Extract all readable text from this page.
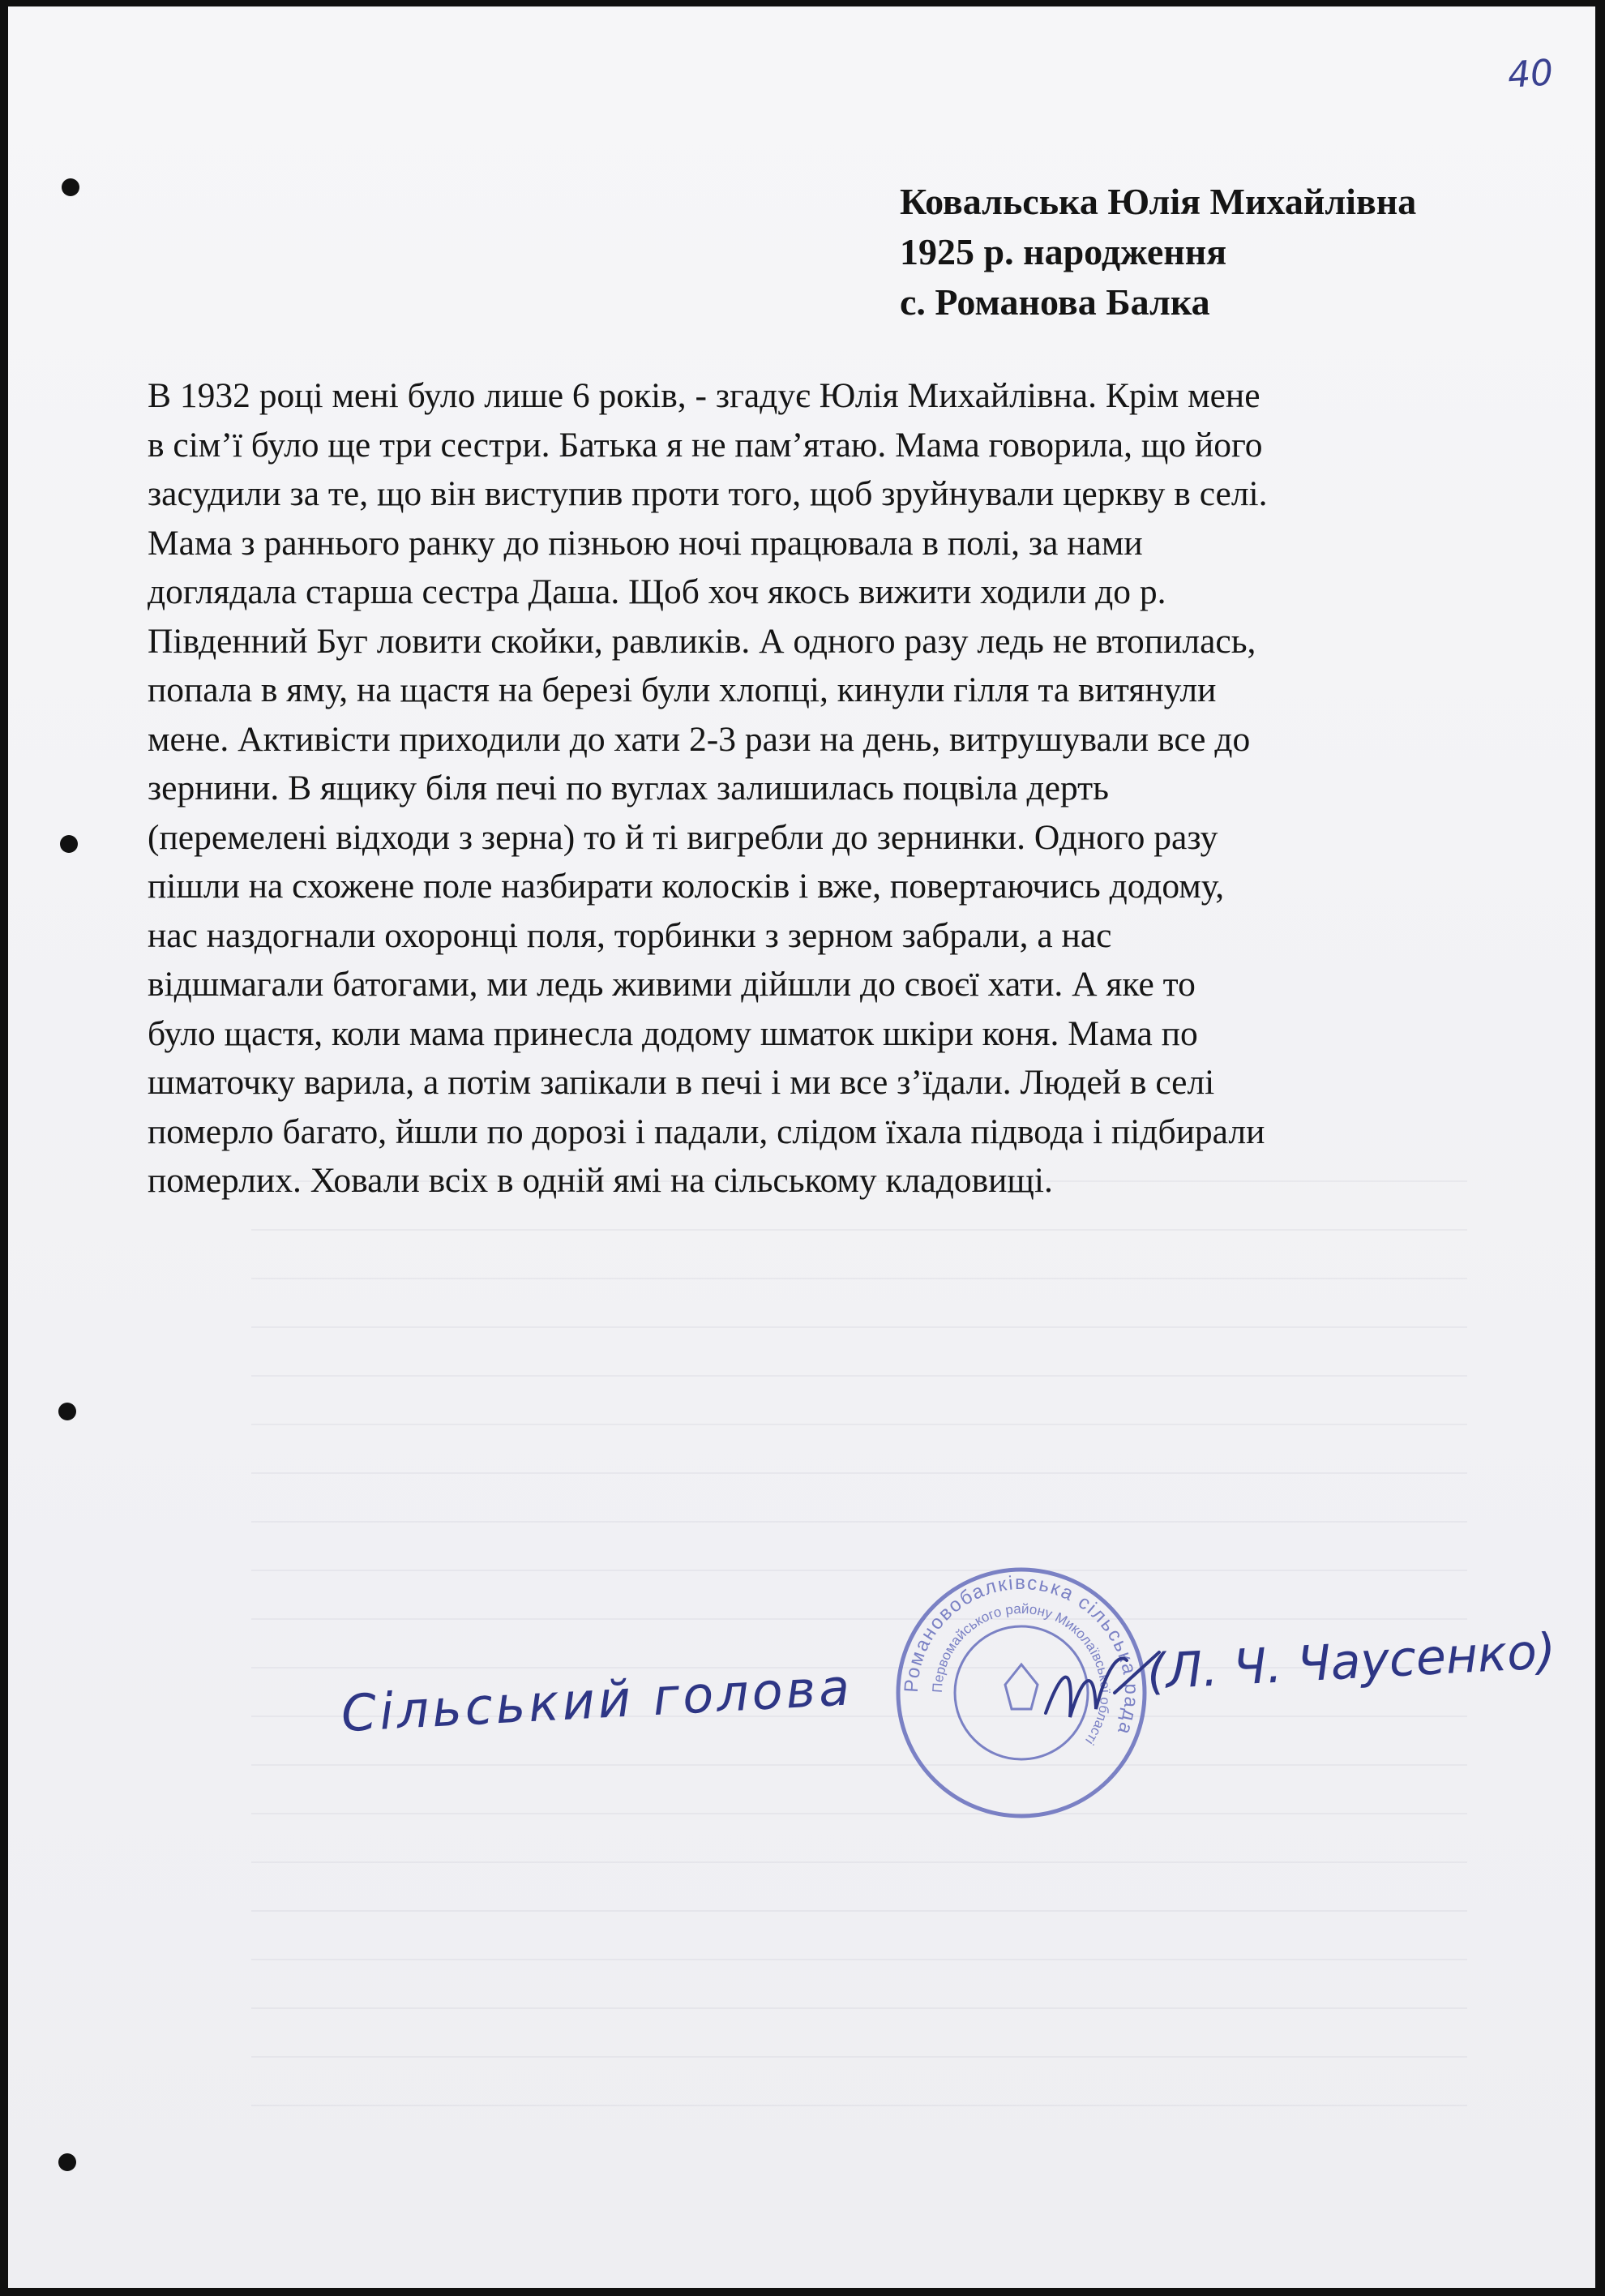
40
Ковальська Юлія Михайлівна
1925 р. народження
с. Романова Балка
В 1932 році мені було лише 6 років, - згадує Юлія Михайлівна. Крім мене
в сім’ї було ще три сестри. Батька я не пам’ятаю. Мама говорила, що його
засудили за те, що він виступив проти того, щоб зруйнували церкву в селі.
Мама з раннього ранку до пізньою ночі працювала в полі, за нами
доглядала старша сестра Даша. Щоб хоч якось вижити ходили до р.
Південний Буг ловити скойки, равликів. А одного разу ледь не втопилась,
попала в яму, на щастя на березі були хлопці, кинули гілля та витянули
мене. Активісти приходили до хати 2-3 рази на день, витрушували все до
зернини. В ящику біля печі по вуглах залишилась поцвіла дерть
(перемелені відходи з зерна) то й ті вигребли до зернинки. Одного разу
пішли на схожене поле назбирати колосків і вже, повертаючись додому,
нас наздогнали охоронці поля, торбинки з зерном забрали, а нас
відшмагали батогами, ми ледь живими дійшли до своєї хати. А яке то
було щастя, коли мама принесла додому шматок шкіри коня. Мама по
шматочку варила, а потім запікали в печі і ми все з’їдали. Людей в селі
померло багато, йшли по дорозі і падали, слідом їхала підвода і підбирали
померлих. Ховали всіх в одній ямі на сільському кладовищі.
Романовобалківська сільська рада
Первомайського району Миколаївської області
Сільський голова	(Л. Ч. Чаусенко)
